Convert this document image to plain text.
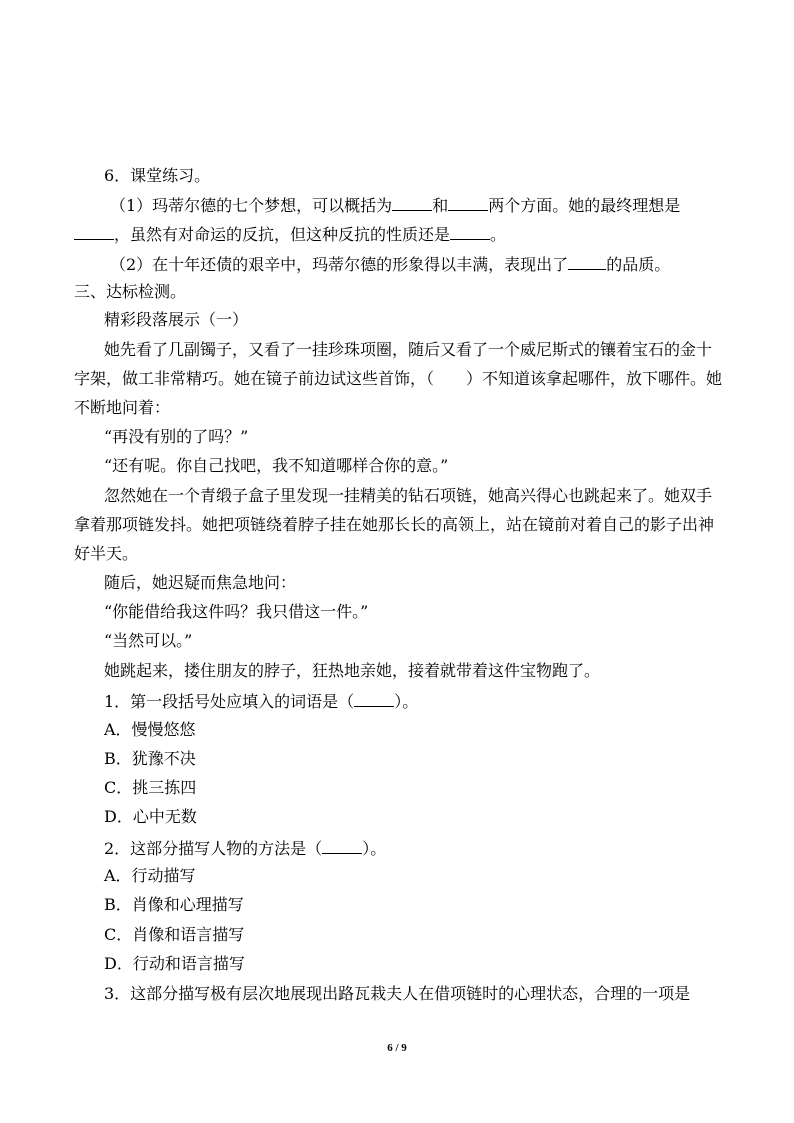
6．课堂练习。
（1）玛蒂尔德的七个梦想，可以概括为	和	两个方面。她的最终理想是
，虽然有对命运的反抗，但这种反抗的性质还是	。
（2）在十年还债的艰辛中，玛蒂尔德的形象得以丰满，表现出了 的品质。
三、达标检测。
精彩段落展示（一）
她先看了几副镯子，又看了一挂珍珠项圈，随后又看了一个威尼斯式的镶着宝石的金十
字架，做工非常精巧。她在镜子前边试这些首饰，（　　）不知道该拿起哪件，放下哪件。她
不断地问着：
“再没有别的了吗？”
“还有呢。你自己找吧，我不知道哪样合你的意。”
忽然她在一个青缎子盒子里发现一挂精美的钻石项链，她高兴得心也跳起来了。她双手
拿着那项链发抖。她把项链绕着脖子挂在她那长长的高领上，站在镜前对着自己的影子出神
好半天。
随后，她迟疑而焦急地问：
“你能借给我这件吗？我只借这一件。”
“当然可以。”
她跳起来，搂住朋友的脖子，狂热地亲她，接着就带着这件宝物跑了。
1．第一段括号处应填入的词语是（	）。
A．慢慢悠悠
B．犹豫不决
C．挑三拣四
D．心中无数
2．这部分描写人物的方法是（	）。
A．行动描写
B．肖像和心理描写
C．肖像和语言描写
D．行动和语言描写
3．这部分描写极有层次地展现出路瓦栽夫人在借项链时的心理状态，合理的一项是
6 / 9
